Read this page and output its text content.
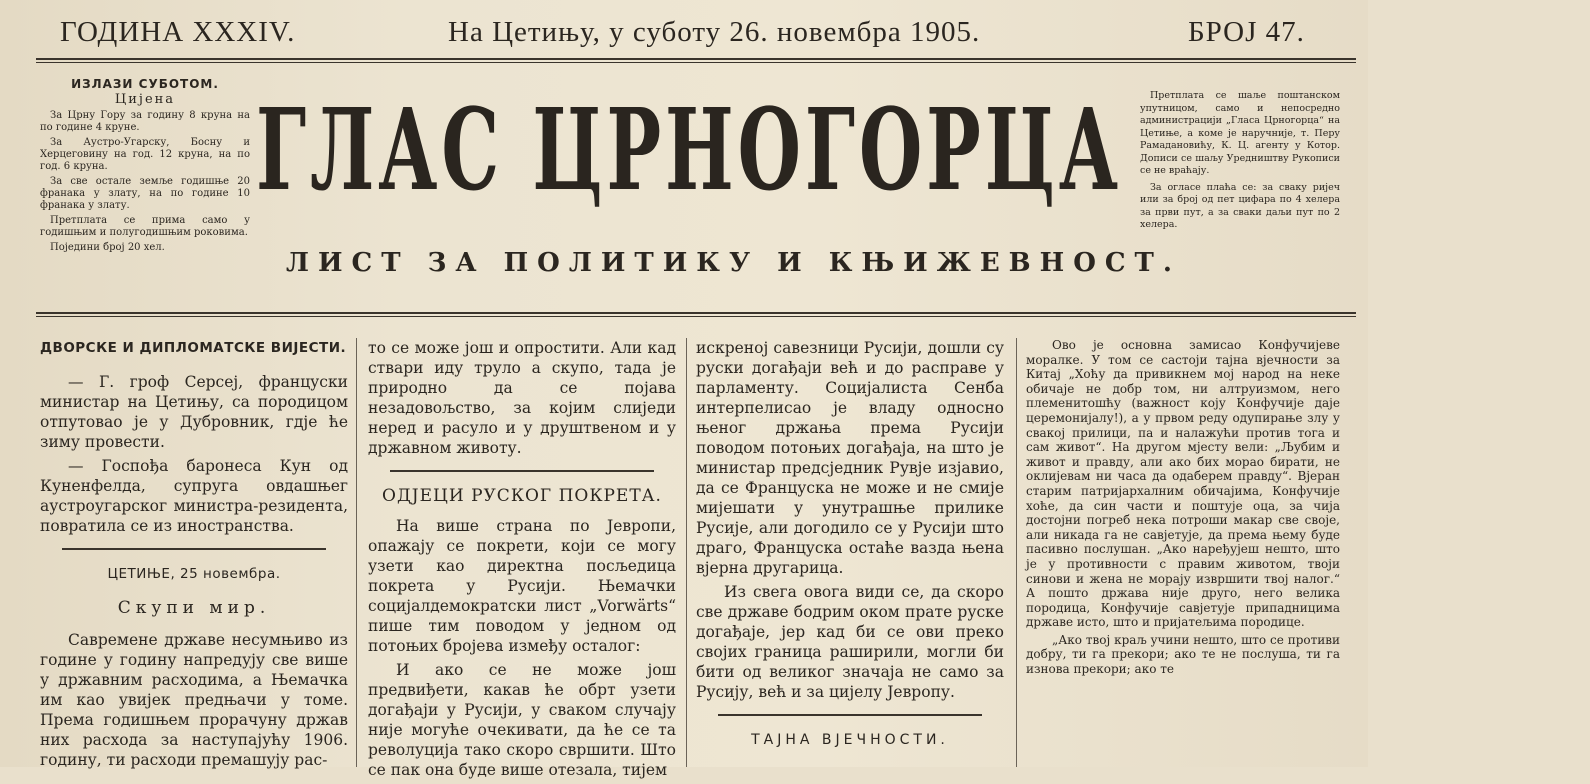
ГОДИНА XXXIV.	На Цетињу, у суботу 26. новембра 1905.	БРОЈ 47.
ИЗЛАЗИ СУБОТОМ.
Цијена

За Црну Гору за годину 8 круна на по године 4 круне.

За Аустро-Угарску, Босну и Херцеговину на год. 12 круна, на по год. 6 круна.

За све остале земље годишње 20 франака у злату, на по године 10 франака у злату.

Претплата се прима само у годишњим и полугодишњим роковима.

Поједини број 20 хел.

ГЛАС ЦРНОГОРЦА
ЛИСТ ЗА ПОЛИТИКУ И КЊИЖЕВНОСТ.

Претплата се шаље поштанском упутницом, само и непосредно администрацији „Гласа Црногорца“ на Цетиње, а коме је наручније, т. Перу Рамадановићу, К. Ц. агенту у Котор. Дописи се шаљу Уредништву Рукописи се не враћају.

За огласе плаћа се: за сваку ријеч или за број од пет цифара по 4 хелера за први пут, а за сваки даљи пут по 2 хелера.

ДВОРСКЕ И ДИПЛОМАТСКЕ ВИЈЕСТИ.

— Г. гроф Серсеј, француски министар на Цетињу, са породицом отпутовао је у Дубровник, гдје ће зиму провести.

— Госпођа баронеса Кун од Куненфелда, супруга овдашњег аустроугарског министра-резидента, повратила се из иностранства.

ЦЕТИЊЕ, 25 новембра.
Скупи мир.

Савремене државе несумњиво из године у годину напредују све више у државним расходима, а Њемачка им као увијек предњачи у томе. Према годишњем прорачуну држав них расхода за наступајућу 1906. годину, ти расходи премашују рас-

то се може још и опростити. Али кад ствари иду труло а скупо, тада је природно да се појава незадовољство, за којим слиједи неред и расуло и у друштвеном и у државном животу.

ОДЈЕЦИ РУСКОГ ПОКРЕТА.

На више страна по Јевропи, опажају се покрети, који се могу узети као директна посљедица покрета у Русији. Њемачки социјалдемократски лист „Vorwärts“ пише тим поводом у једном од потоњих бројева између осталог:

И ако се не може још предвиђети, какав ће обрт узети догађаји у Русији, у сваком случају није могуће очекивати, да ће се та револуција тако скоро свршити. Што се пак она буде више отезала, тијем

искреној савезници Русији, дошли су руски догађаји већ и до расправе у парламенту. Социјалиста Сенба интерпелисао је владу односно њеног држања према Русији поводом потоњих догађаја, на што је министар предсједник Рувје изјавио, да се Француска не може и не смије мијешати у унутрашње прилике Русије, али догодило се у Русији што драго, Француска остаће вазда њена вјерна другарица.

Из свега овога види се, да скоро све државе бодрим оком прате руске догађаје, јер кад би се ови преко својих граница раширили, могли би бити од великог значаја не само за Русију, већ и за цијелу Јевропу.

ТАЈНА ВЈЕЧНОСТИ.

Ово је основна замисао Конфучијеве моралке. У том се састоји тајна вјечности за Китај „Хоћу да привикнем мој народ на неке обичаје не добр том, ни алтруизмом, него племенитошћу (важност коју Конфучије даје церемонијалу!), а у првом реду одупирање злу у свакој прилици, па и налажући против тога и сам живот“. На другом мјесту вели: „Љубим и живот и правду, али ако бих морао бирати, не оклијевам ни часа да одаберем правду“. Вјеран старим патријархалним обичајима, Конфучије хоће, да син части и поштује оца, за чија достојни погреб нека потроши макар све своје, али никада га не савјетује, да према њему буде пасивно послушан. „Ако наређујеш нешто, што је у противности с правим животом, твоји синови и жена не морају извршити твој налог.“ А пошто држава није друго, него велика породица, Конфучије савјетује припадницима државе исто, што и пријатељима породице.

„Ако твој краљ учини нешто, што се противи добру, ти га прекори; ако те не послуша, ти га изнова прекори; ако те
